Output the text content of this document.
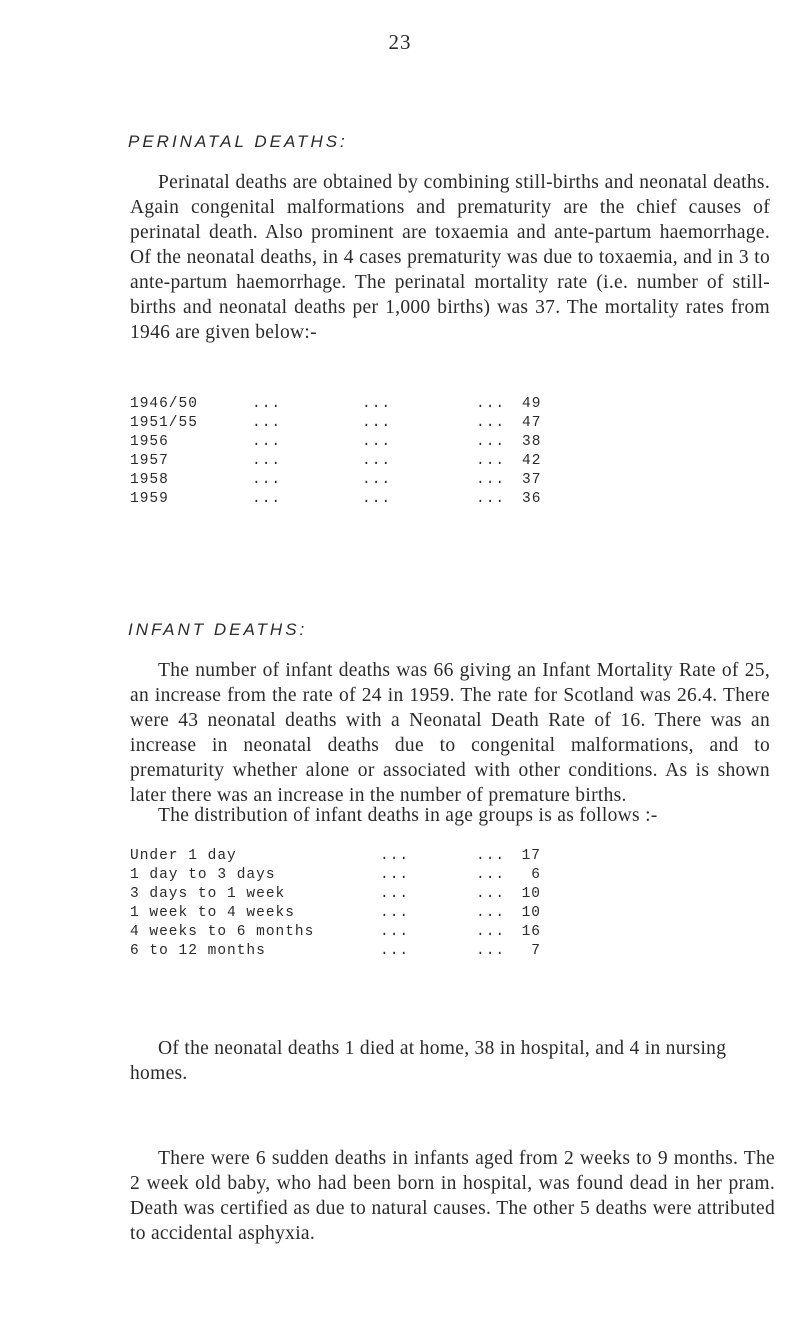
23
PERINATAL DEATHS:

Perinatal deaths are obtained by combining still-births and neonatal deaths. Again congenital malformations and prematurity are the chief causes of perinatal death. Also prominent are toxaemia and ante-partum haemorrhage. Of the neonatal deaths, in 4 cases prematurity was due to toxaemia, and in 3 to ante-partum haemorrhage. The perinatal mortality rate (i.e. number of still-births and neonatal deaths per 1,000 births) was 37. The mortality rates from 1946 are given below:-

1946/50	...	...	... 49
1951/55	...	...	... 47
1956	...	...	... 38
1957	...	...	... 42
1958	...	...	... 37
1959	...	...	... 36
INFANT DEATHS:

The number of infant deaths was 66 giving an Infant Mortality Rate of 25, an increase from the rate of 24 in 1959. The rate for Scotland was 26.4. There were 43 neonatal deaths with a Neonatal Death Rate of 16. There was an increase in neonatal deaths due to congenital malformations, and to prematurity whether alone or associated with other conditions. As is shown later there was an increase in the number of premature births.

The distribution of infant deaths in age groups is as follows :-

Under 1 day	...	...	17
1 day to 3 days	...	...	6
3 days to 1 week	...	...	10
1 week to 4 weeks	...	...	10
4 weeks to 6 months	...	...	16
6 to 12 months	...	...	7

Of the neonatal deaths 1 died at home, 38 in hospital, and 4 in nursing homes.

There were 6 sudden deaths in infants aged from 2 weeks to 9 months. The 2 week old baby, who had been born in hospital, was found dead in her pram. Death was certified as due to natural causes. The other 5 deaths were attributed to accidental asphyxia.
